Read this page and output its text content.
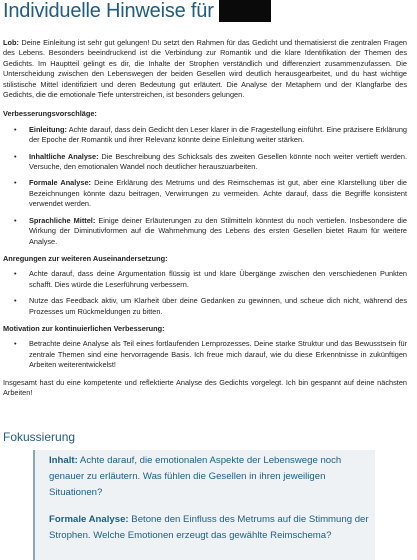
Individuelle Hinweise für

Lob: Deine Einleitung ist sehr gut gelungen! Du setzt den Rahmen für das Gedicht und thematisierst die zentralen Fragen des Lebens. Besonders beeindruckend ist die Verbindung zur Romantik und die klare Identifikation der Themen des Gedichts. Im Hauptteil gelingt es dir, die Inhalte der Strophen verständlich und differenziert zusammenzufassen. Die Unterscheidung zwischen den Lebenswegen der beiden Gesellen wird deutlich herausgearbeitet, und du hast wichtige stilistische Mittel identifiziert und deren Bedeutung gut erläutert. Die Analyse der Metaphern und der Klangfarbe des Gedichts, die die emotionale Tiefe unterstreichen, ist besonders gelungen.

Verbesserungsvorschläge:

• Einleitung: Achte darauf, dass dein Gedicht den Leser klarer in die Fragestellung einführt. Eine präzisere Erklärung der Epoche der Romantik und ihrer Relevanz könnte deine Einleitung weiter stärken.
• Inhaltliche Analyse: Die Beschreibung des Schicksals des zweiten Gesellen könnte noch weiter vertieft werden. Versuche, den emotionalen Wandel noch deutlicher herauszuarbeiten.
• Formale Analyse: Deine Erklärung des Metrums und des Reimschemas ist gut, aber eine Klarstellung über die Bezeichnungen könnte dazu beitragen, Verwirrungen zu vermeiden. Achte darauf, dass die Begriffe konsistent verwendet werden.
• Sprachliche Mittel: Einige deiner Erläuterungen zu den Stilmitteln könntest du noch vertiefen. Insbesondere die Wirkung der Diminutivformen auf die Wahrnehmung des Lebens des ersten Gesellen bietet Raum für weitere Analyse.

Anregungen zur weiteren Auseinandersetzung:

• Achte darauf, dass deine Argumentation flüssig ist und klare Übergänge zwischen den verschiedenen Punkten schafft. Dies würde die Leserführung verbessern.
• Nutze das Feedback aktiv, um Klarheit über deine Gedanken zu gewinnen, und scheue dich nicht, während des Prozesses um Rückmeldungen zu bitten.

Motivation zur kontinuierlichen Verbesserung:

• Betrachte deine Analyse als Teil eines fortlaufenden Lernprozesses. Deine starke Struktur und das Bewusstsein für zentrale Themen sind eine hervorragende Basis. Ich freue mich darauf, wie du diese Erkenntnisse in zukünftigen Arbeiten weiterentwickelst!

Insgesamt hast du eine kompetente und reflektierte Analyse des Gedichts vorgelegt. Ich bin gespannt auf deine nächsten Arbeiten!

Fokussierung
Inhalt: Achte darauf, die emotionalen Aspekte der Lebenswege noch genauer zu erläutern. Was fühlen die Gesellen in ihren jeweiligen Situationen?
Formale Analyse: Betone den Einfluss des Metrums auf die Stimmung der Strophen. Welche Emotionen erzeugt das gewählte Reimschema?
